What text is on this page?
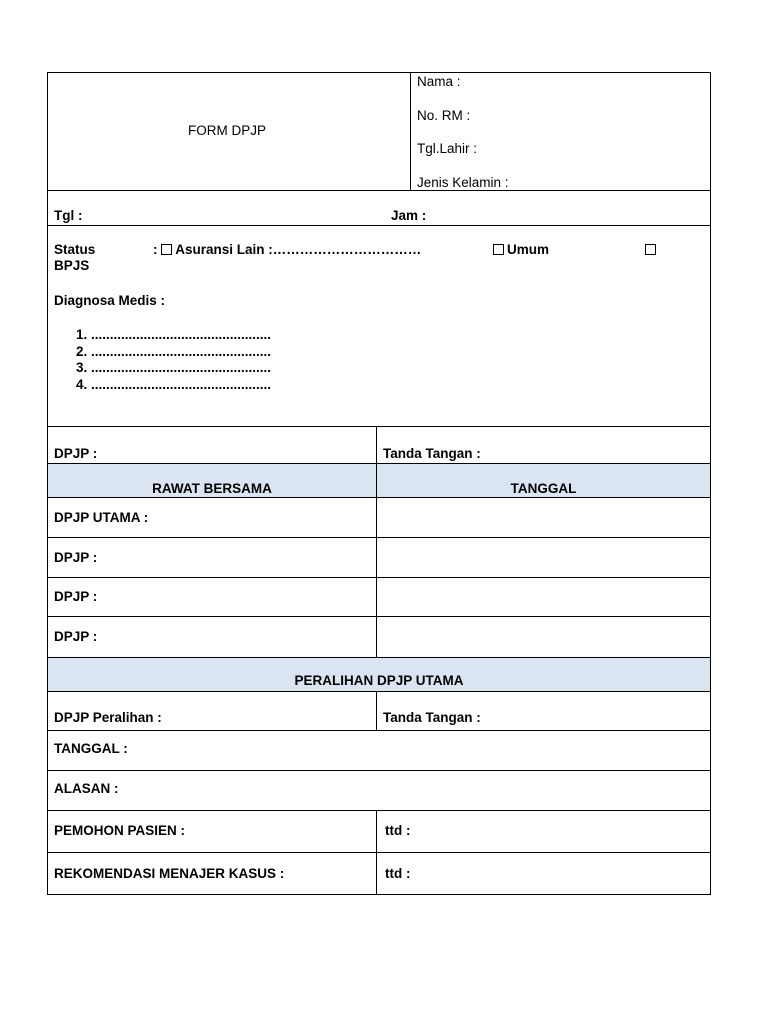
FORM DPJP
Nama :
No. RM :
Tgl.Lahir :
Jenis Kelamin :
Tgl :	Jam :
Status	: Asuransi Lain :……………………………	Umum
BPJS
Diagnosa Medis :
1. ................................................
2. ................................................
3. ................................................
4. ................................................
DPJP :	Tanda Tangan :
RAWAT BERSAMA	TANGGAL
DPJP UTAMA :
DPJP :
DPJP :
DPJP :
PERALIHAN DPJP UTAMA
DPJP Peralihan :	Tanda Tangan :
TANGGAL :
ALASAN :
PEMOHON PASIEN :	ttd :
REKOMENDASI MENAJER KASUS :	ttd :
